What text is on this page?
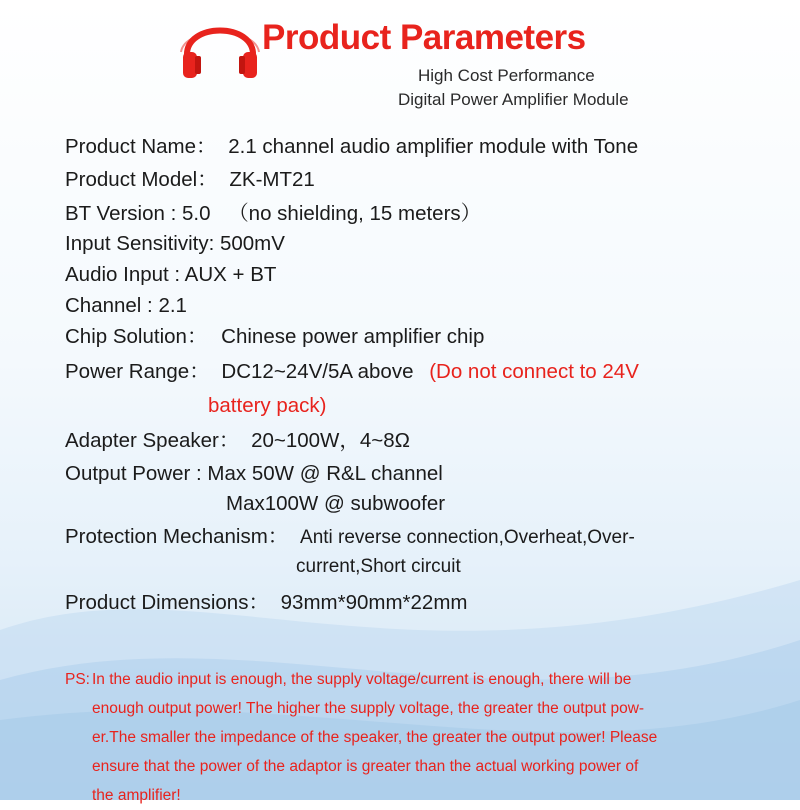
Product Parameters
High Cost Performance
Digital Power Amplifier Module
Product Name： 2.1 channel audio amplifier module with Tone
Product Model： ZK-MT21
BT Version : 5.0 （no shielding, 15 meters）
Input Sensitivity: 500mV
Audio Input : AUX + BT
Channel : 2.1
Chip Solution： Chinese power amplifier chip
Power Range： DC12~24V/5A above (Do not connect to 24V
battery pack)
Adapter Speaker： 20~100W，4~8Ω
Output Power : Max 50W @ R&L channel
Max100W @ subwoofer
Protection Mechanism： Anti reverse connection,Overheat,Over-
current,Short circuit
Product Dimensions： 93mm*90mm*22mm
PS: In the audio input is enough, the supply voltage/current is enough, there will be
enough output power! The higher the supply voltage, the greater the output pow-
er.The smaller the impedance of the speaker, the greater the output power! Please
ensure that the power of the adaptor is greater than the actual working power of
the amplifier!
